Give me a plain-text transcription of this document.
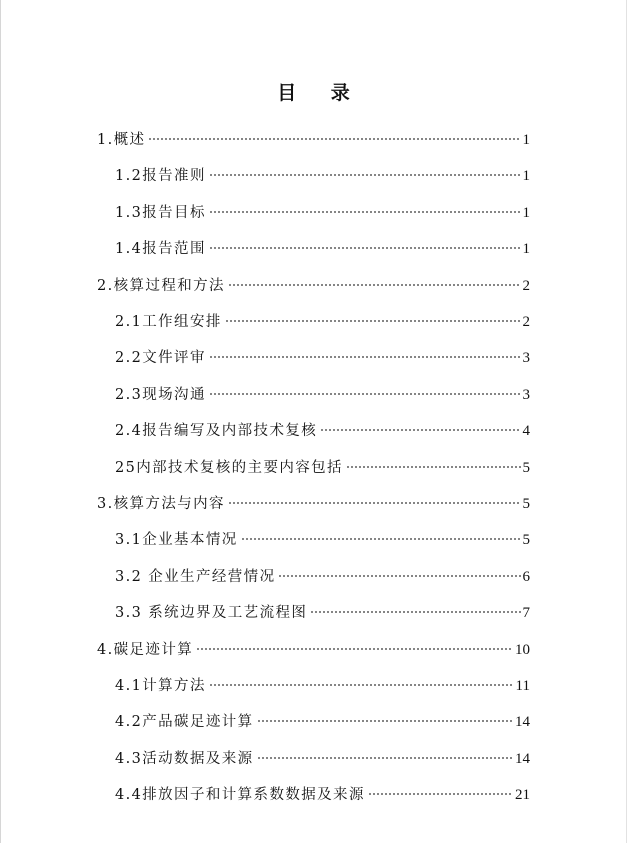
目 录
1.概述	1
1.2报告准则	1
1.3报告目标	1
1.4报告范围	1
2.核算过程和方法	2
2.1工作组安排	2
2.2文件评审	3
2.3现场沟通	3
2.4报告编写及内部技术复核	4
25内部技术复核的主要内容包括	5
3.核算方法与内容	5
3.1企业基本情况	5
3.2 企业生产经营情况	6
3.3 系统边界及工艺流程图	7
4.碳足迹计算	10
4.1计算方法	11
4.2产品碳足迹计算	14
4.3活动数据及来源	14
4.4排放因子和计算系数数据及来源	21
